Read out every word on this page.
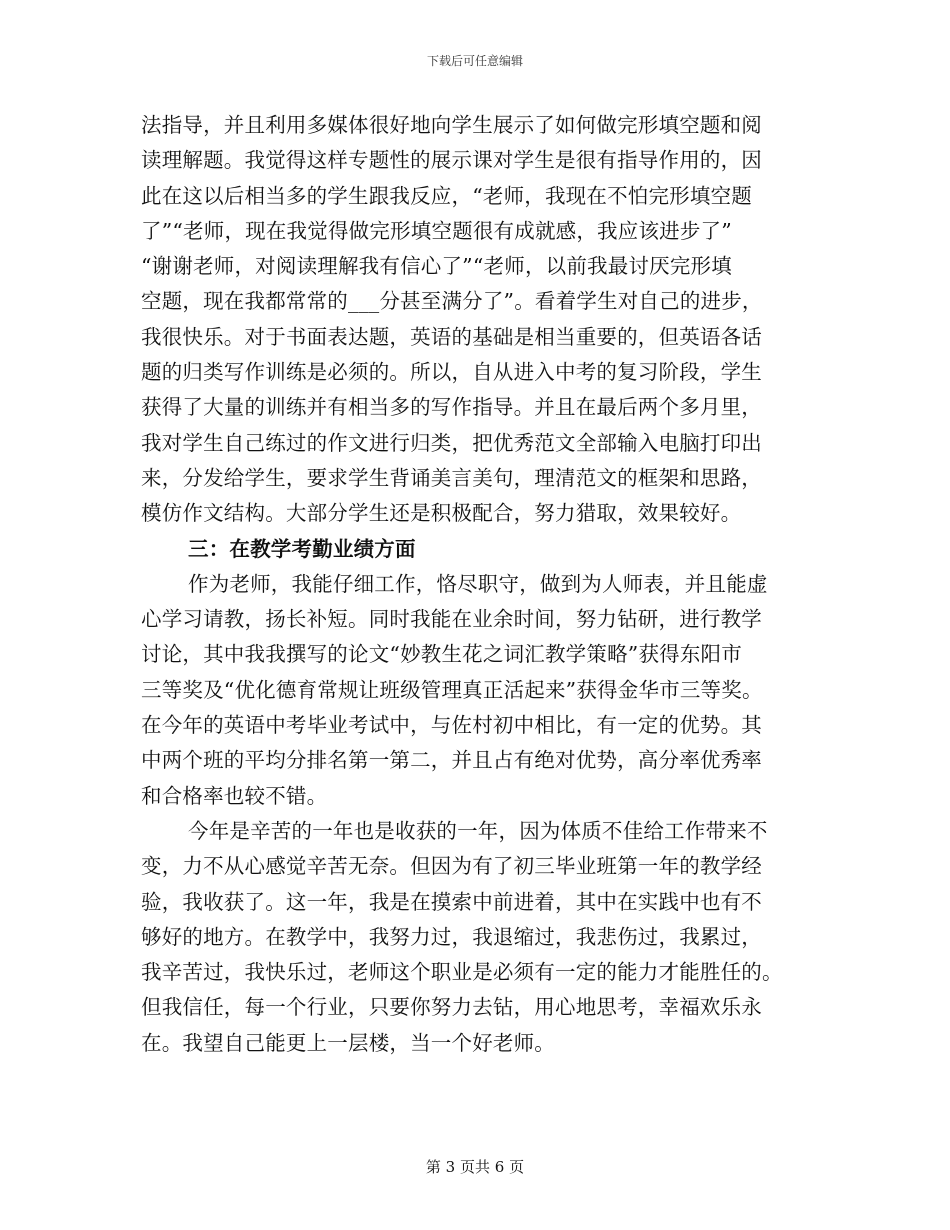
下载后可任意编辑
法指导，并且利用多媒体很好地向学生展示了如何做完形填空题和阅
读理解题。我觉得这样专题性的展示课对学生是很有指导作用的，因
此在这以后相当多的学生跟我反应，“老师，我现在不怕完形填空题
了”“老师，现在我觉得做完形填空题很有成就感，我应该进步了”
“谢谢老师，对阅读理解我有信心了”“老师，以前我最讨厌完形填
空题，现在我都常常的___分甚至满分了”。看着学生对自己的进步，
我很快乐。对于书面表达题，英语的基础是相当重要的，但英语各话
题的归类写作训练是必须的。所以，自从进入中考的复习阶段，学生
获得了大量的训练并有相当多的写作指导。并且在最后两个多月里，
我对学生自己练过的作文进行归类，把优秀范文全部输入电脑打印出
来，分发给学生，要求学生背诵美言美句，理清范文的框架和思路，
模仿作文结构。大部分学生还是积极配合，努力猎取，效果较好。
三：在教学考勤业绩方面
作为老师，我能仔细工作，恪尽职守，做到为人师表，并且能虚
心学习请教，扬长补短。同时我能在业余时间，努力钻研，进行教学
讨论，其中我我撰写的论文“妙教生花之词汇教学策略”获得东阳市
三等奖及“优化德育常规让班级管理真正活起来”获得金华市三等奖。
在今年的英语中考毕业考试中，与佐村初中相比，有一定的优势。其
中两个班的平均分排名第一第二，并且占有绝对优势，高分率优秀率
和合格率也较不错。
今年是辛苦的一年也是收获的一年，因为体质不佳给工作带来不
变，力不从心感觉辛苦无奈。但因为有了初三毕业班第一年的教学经
验，我收获了。这一年，我是在摸索中前进着，其中在实践中也有不
够好的地方。在教学中，我努力过，我退缩过，我悲伤过，我累过，
我辛苦过，我快乐过，老师这个职业是必须有一定的能力才能胜任的。
但我信任，每一个行业，只要你努力去钻，用心地思考，幸福欢乐永
在。我望自己能更上一层楼，当一个好老师。
第 3 页共 6 页
